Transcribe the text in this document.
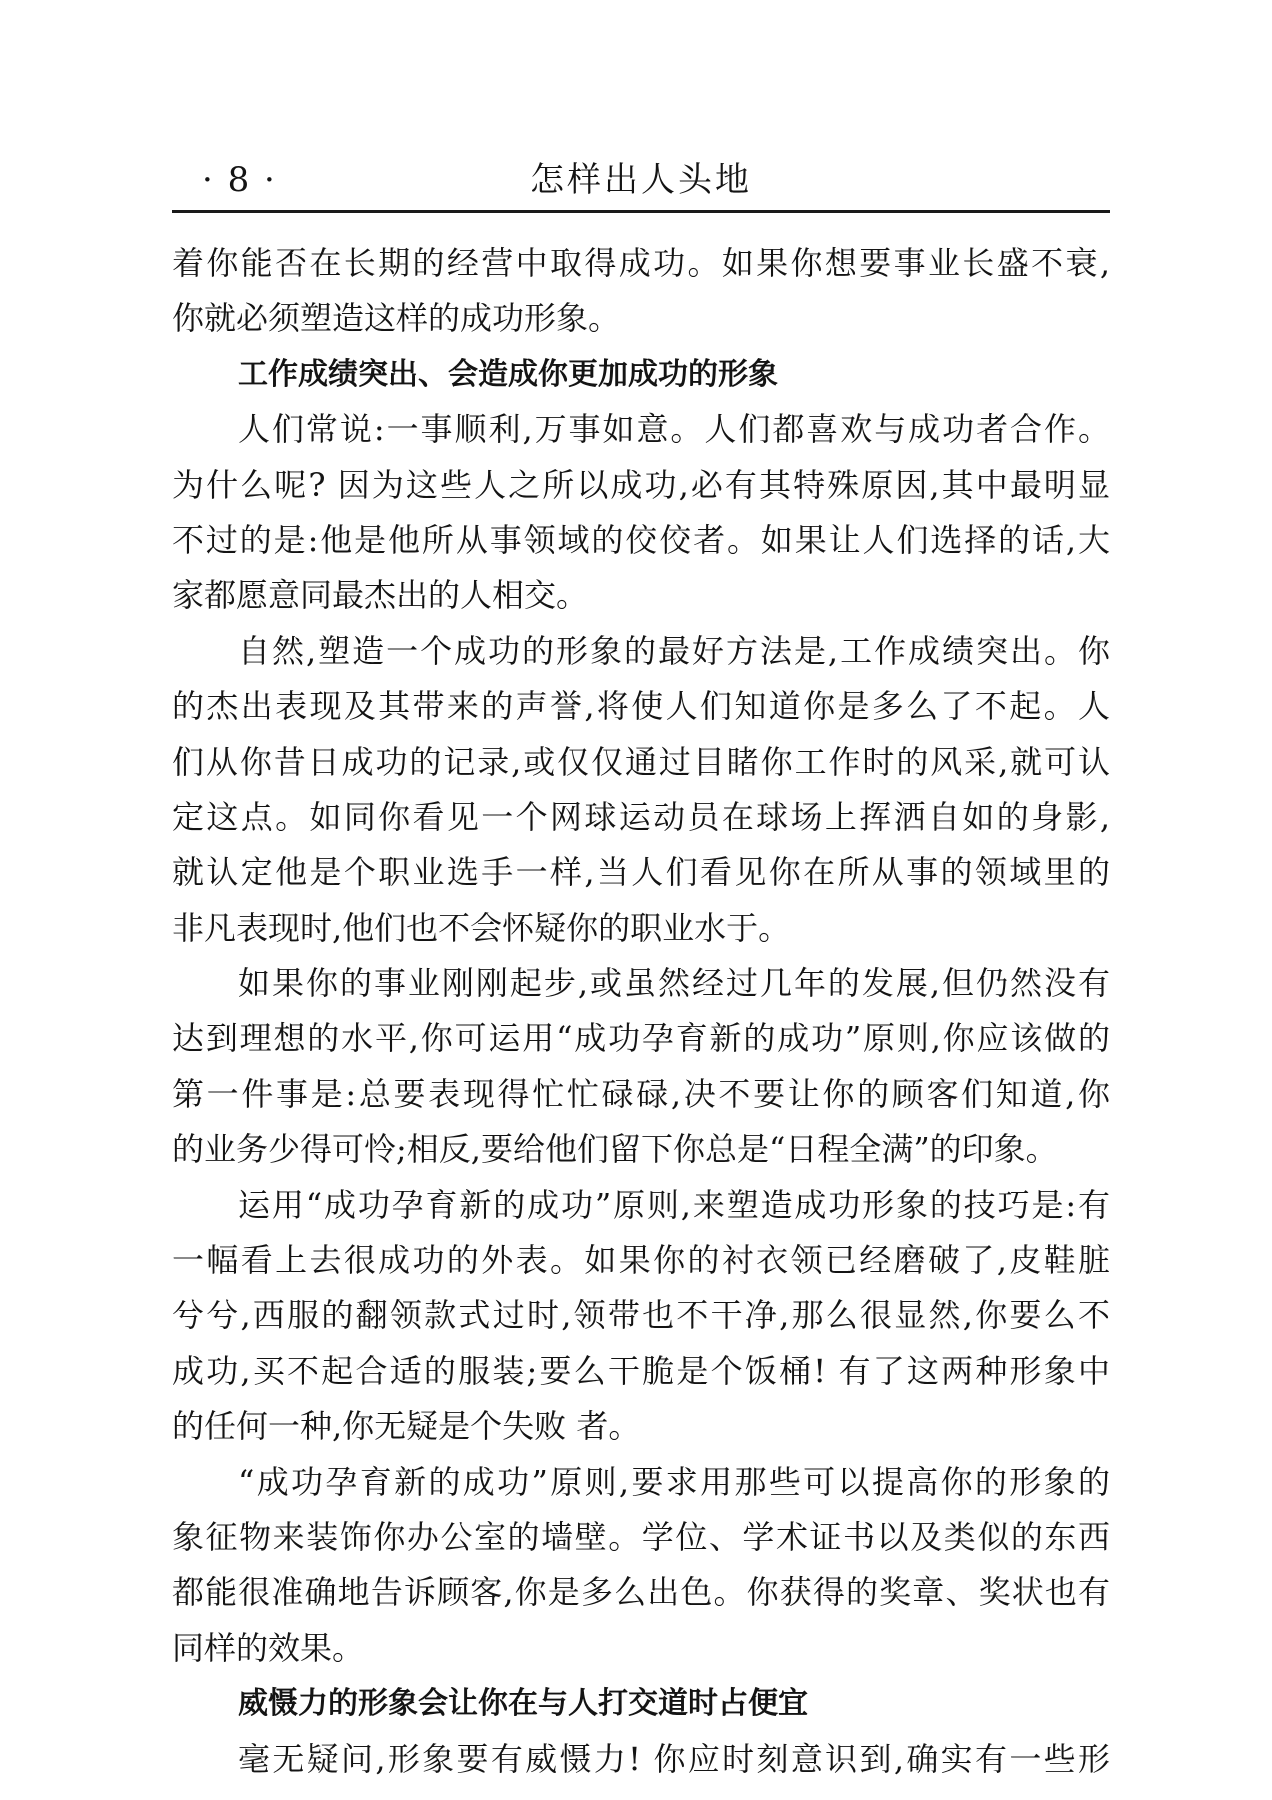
· 8 ·	怎样出人头地
着你能否在长期的经营中取得成功。如果你想要事业长盛不衰,
你就必须塑造这样的成功形象。
工作成绩突出、会造成你更加成功的形象
人们常说:一事顺利,万事如意。人们都喜欢与成功者合作。
为什么呢? 因为这些人之所以成功,必有其特殊原因,其中最明显
不过的是:他是他所从事领域的佼佼者。如果让人们选择的话,大
家都愿意同最杰出的人相交。
自然,塑造一个成功的形象的最好方法是,工作成绩突出。你
的杰出表现及其带来的声誉,将使人们知道你是多么了不起。人
们从你昔日成功的记录,或仅仅通过目睹你工作时的风采,就可认
定这点。如同你看见一个网球运动员在球场上挥洒自如的身影,
就认定他是个职业选手一样,当人们看见你在所从事的领域里的
非凡表现时,他们也不会怀疑你的职业水于。
如果你的事业刚刚起步,或虽然经过几年的发展,但仍然没有
达到理想的水平,你可运用“成功孕育新的成功”原则,你应该做的
第一件事是:总要表现得忙忙碌碌,决不要让你的顾客们知道,你
的业务少得可怜;相反,要给他们留下你总是“日程全满”的印象。
运用“成功孕育新的成功”原则,来塑造成功形象的技巧是:有
一幅看上去很成功的外表。如果你的衬衣领已经磨破了,皮鞋脏
兮兮,西服的翻领款式过时,领带也不干净,那么很显然,你要么不
成功,买不起合适的服装;要么干脆是个饭桶! 有了这两种形象中
的任何一种,你无疑是个失败 者。
“成功孕育新的成功”原则,要求用那些可以提高你的形象的
象征物来装饰你办公室的墙壁。学位、学术证书以及类似的东西
都能很准确地告诉顾客,你是多么出色。你获得的奖章、奖状也有
同样的效果。
威慑力的形象会让你在与人打交道时占便宜
毫无疑问,形象要有威慑力! 你应时刻意识到,确实有一些形
